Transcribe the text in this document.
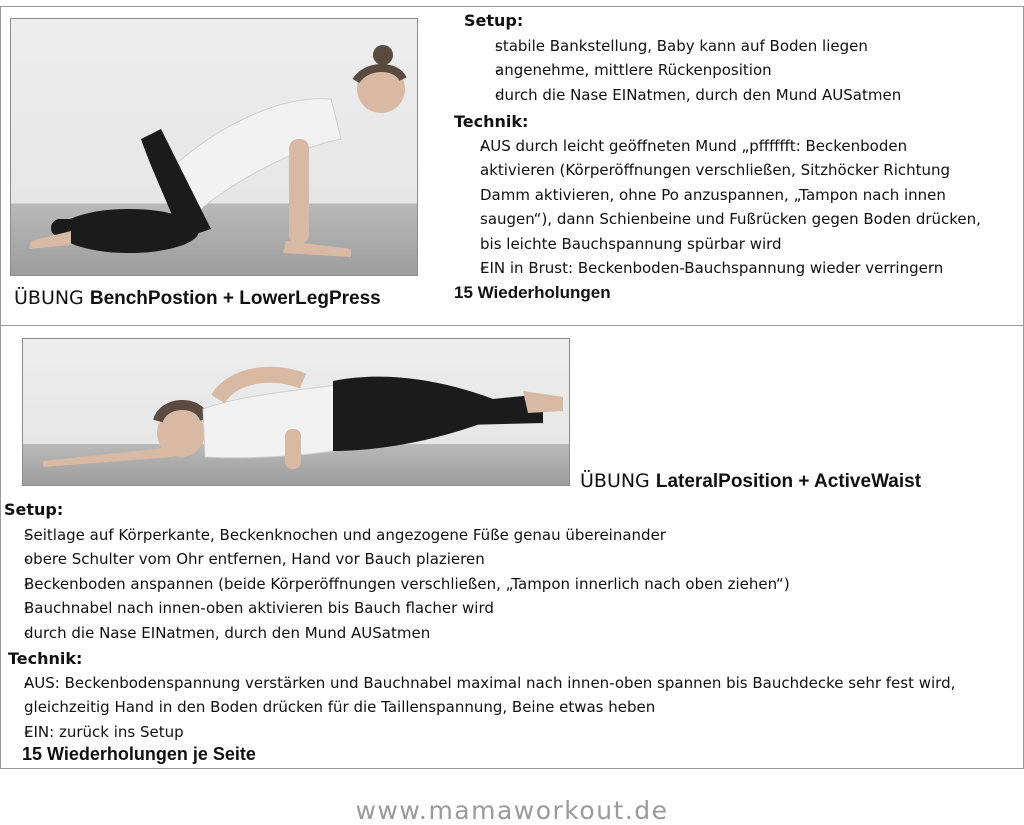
Setup:
- stabile Bankstellung, Baby kann auf Boden liegen
- angenehme, mittlere Rückenposition
- durch die Nase EINatmen, durch den Mund AUSatmen
Technik:
- AUS durch leicht geöffneten Mund „pfffffft: Beckenboden
aktivieren (Körperöffnungen verschließen, Sitzhöcker Richtung
Damm aktivieren, ohne Po anzuspannen, „Tampon nach innen
saugen“), dann Schienbeine und Fußrücken gegen Boden drücken,
bis leichte Bauchspannung spürbar wird
- EIN in Brust: Beckenboden-Bauchspannung wieder verringern
15 Wiederholungen
ÜBUNG BenchPostion + LowerLegPress
ÜBUNG LateralPosition + ActiveWaist
Setup:
- Seitlage auf Körperkante, Beckenknochen und angezogene Füße genau übereinander
- obere Schulter vom Ohr entfernen, Hand vor Bauch plazieren
- Beckenboden anspannen (beide Körperöffnungen verschließen, „Tampon innerlich nach oben ziehen“)
- Bauchnabel nach innen-oben aktivieren bis Bauch flacher wird
- durch die Nase EINatmen, durch den Mund AUSatmen
Technik:
- AUS: Beckenbodenspannung verstärken und Bauchnabel maximal nach innen-oben spannen bis Bauchdecke sehr fest wird,
gleichzeitig Hand in den Boden drücken für die Taillenspannung, Beine etwas heben
- EIN: zurück ins Setup
15 Wiederholungen je Seite
www.mamaworkout.de
